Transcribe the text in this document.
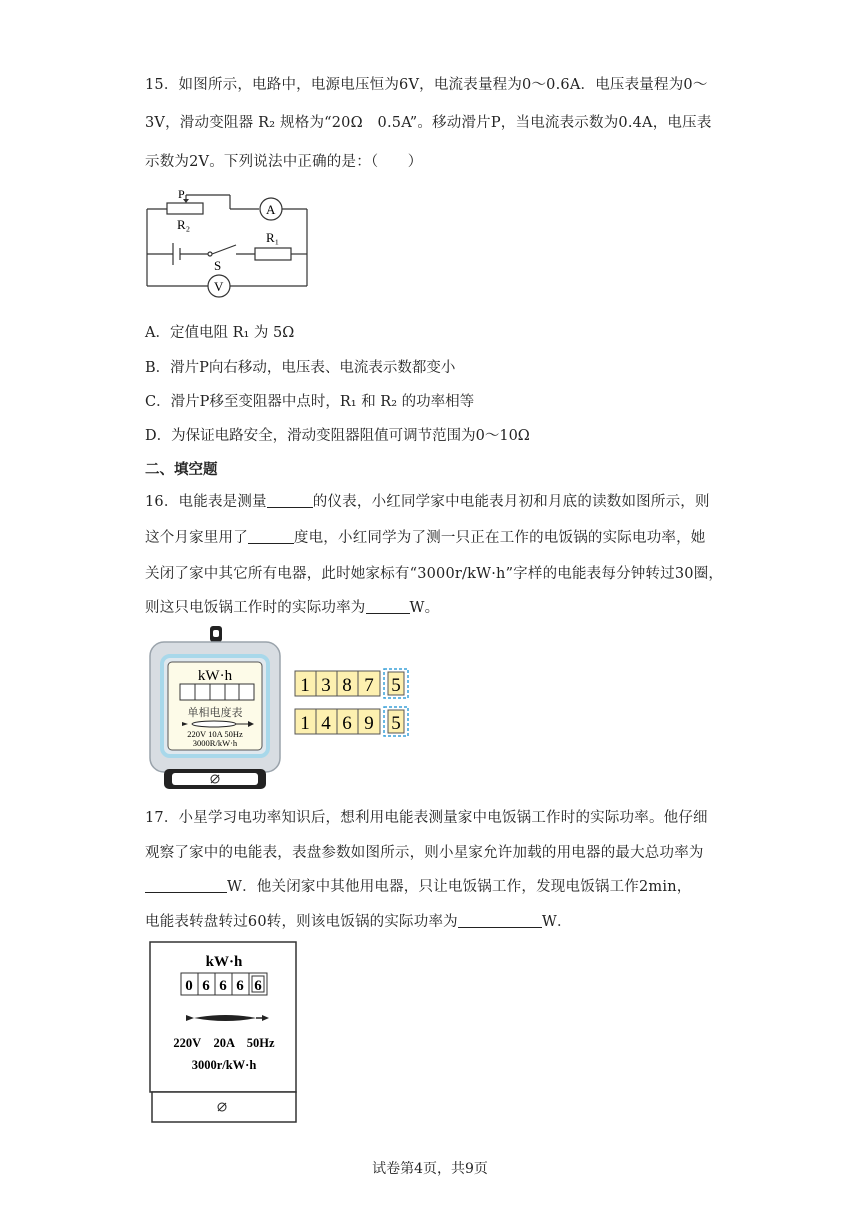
15．如图所示，电路中，电源电压恒为6V，电流表量程为0～0.6A．电压表量程为0～
3V，滑动变阻器 R₂ 规格为“20Ω　0.5A”。移动滑片P，当电流表示数为0.4A，电压表
示数为2V。下列说法中正确的是：（　　）
P
R₂
A
R₁
S
V
A．定值电阻 R₁ 为 5Ω
B．滑片P向右移动，电压表、电流表示数都变小
C．滑片P移至变阻器中点时，R₁ 和 R₂ 的功率相等
D．为保证电路安全，滑动变阻器阻值可调节范围为0～10Ω
二、填空题
16．电能表是测量	的仪表，小红同学家中电能表月初和月底的读数如图所示，则
这个月家里用了	度电，小红同学为了测一只正在工作的电饭锅的实际电功率，她
关闭了家中其它所有电器，此时她家标有“3000r/kW·h”字样的电能表每分钟转过30圈，
则这只电饭锅工作时的实际功率为	W。
kW·h
单相电度表
220V 10A 50Hz
3000R/kW·h
1 3 8 7 5
1 4 6 9 5
17．小星学习电功率知识后，想利用电能表测量家中电饭锅工作时的实际功率。他仔细
观察了家中的电能表，表盘参数如图所示，则小星家允许加载的用电器的最大总功率为
W．他关闭家中其他用电器，只让电饭锅工作，发现电饭锅工作2min，
电能表转盘转过60转，则该电饭锅的实际功率为	W．
kW·h
0 6 6 6 6
220V    20A    50Hz
3000r/kW·h
试卷第4页，共9页
